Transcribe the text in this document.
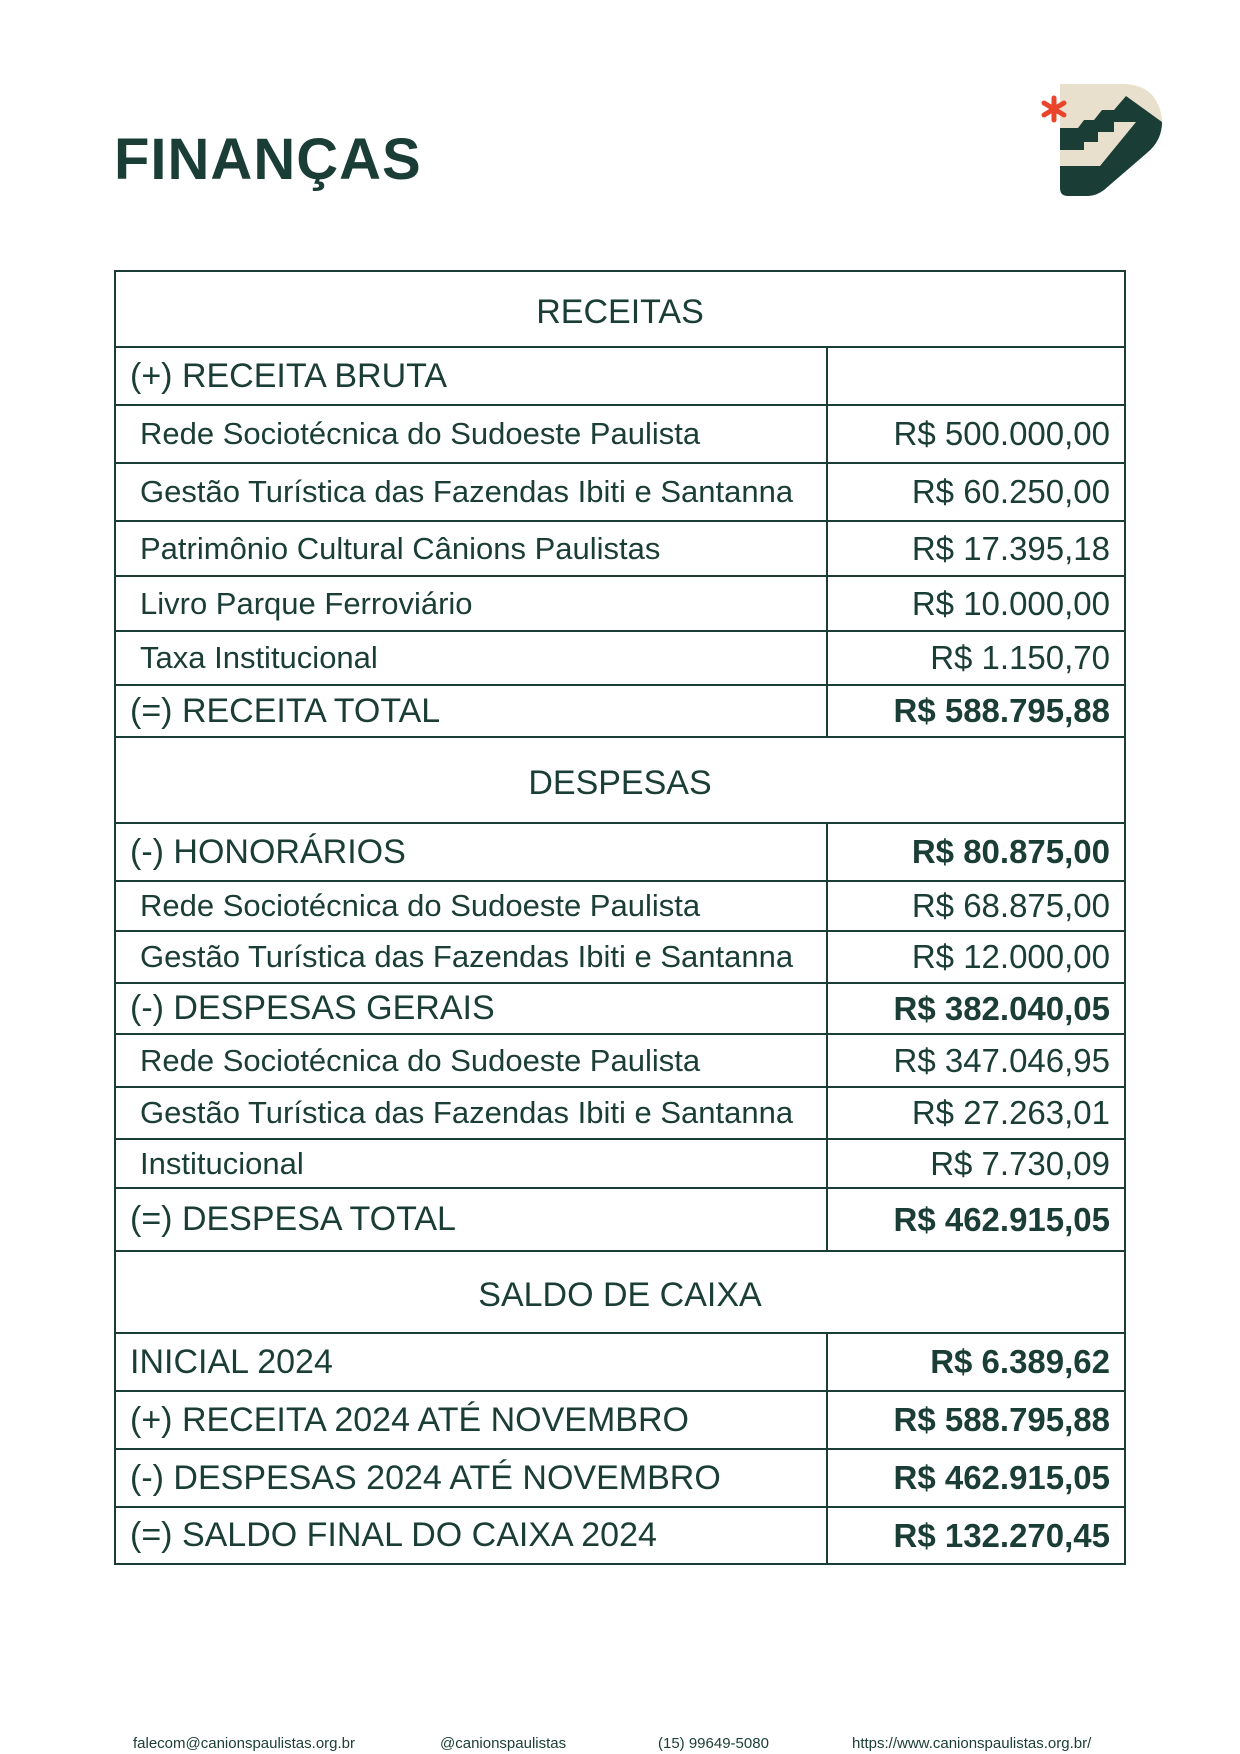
FINANÇAS
RECEITAS	
(+) RECEITA BRUTA	
Rede Sociotécnica do Sudoeste Paulista	R$ 500.000,00
Gestão Turística das Fazendas Ibiti e Santanna	R$ 60.250,00
Patrimônio Cultural Cânions Paulistas	R$ 17.395,18
Livro Parque Ferroviário	R$ 10.000,00
Taxa Institucional	R$ 1.150,70
(=) RECEITA TOTAL	R$ 588.795,88
DESPESAS	
(-) HONORÁRIOS	R$ 80.875,00
Rede Sociotécnica do Sudoeste Paulista	R$ 68.875,00
Gestão Turística das Fazendas Ibiti e Santanna	R$ 12.000,00
(-) DESPESAS GERAIS	R$ 382.040,05
Rede Sociotécnica do Sudoeste Paulista	R$ 347.046,95
Gestão Turística das Fazendas Ibiti e Santanna	R$ 27.263,01
Institucional	R$ 7.730,09
(=) DESPESA TOTAL	R$ 462.915,05
SALDO DE CAIXA	
INICIAL 2024	R$ 6.389,62
(+) RECEITA 2024 ATÉ NOVEMBRO	R$ 588.795,88
(-) DESPESAS 2024 ATÉ NOVEMBRO	R$ 462.915,05
(=) SALDO FINAL DO CAIXA 2024	R$ 132.270,45
falecom@canionspaulistas.org.br	@canionspaulistas	(15) 99649-5080	https://www.canionspaulistas.org.br/
